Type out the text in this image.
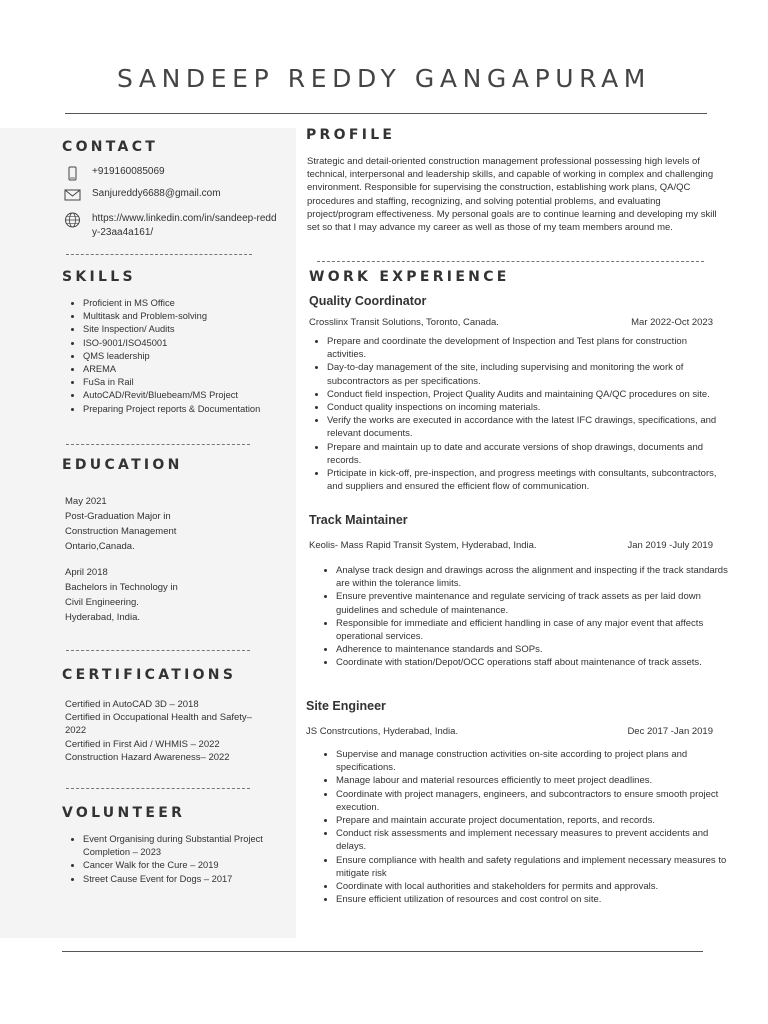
SANDEEP REDDY GANGAPURAM
CONTACT
+919160085069
Sanjureddy6688@gmail.com
https://www.linkedin.com/in/sandeep-reddy-23aa4a161/
SKILLS
• Proficient in MS Office
• Multitask and Problem-solving
• Site Inspection/ Audits
• ISO-9001/ISO45001
• QMS leadership
• AREMA
• FuSa in Rail
• AutoCAD/Revit/Bluebeam/MS Project
• Preparing Project reports & Documentation
EDUCATION
May 2021
Post-Graduation Major in
Construction Management
Ontario,Canada.
April 2018
Bachelors in Technology in
Civil Engineering.
Hyderabad, India.
CERTIFICATIONS
Certified in AutoCAD 3D – 2018
Certified in Occupational Health and Safety– 2022
Certified in First Aid / WHMIS – 2022
Construction Hazard Awareness– 2022
VOLUNTEER
• Event Organising during Substantial Project Completion – 2023
• Cancer Walk for the Cure – 2019
• Street Cause Event for Dogs – 2017
PROFILE

Strategic and detail-oriented construction management professional possessing high levels of technical, interpersonal and leadership skills, and capable of working in complex and challenging environment. Responsible for supervising the construction, establishing work plans, QA/QC procedures and staffing, recognizing, and solving potential problems, and evaluating project/program effectiveness. My personal goals are to continue learning and developing my skill set so that I may advance my career as well as those of my team members around me.

WORK EXPERIENCE
Quality Coordinator
Crosslinx Transit Solutions, Toronto, Canada.	Mar 2022-Oct 2023
• Prepare and coordinate the development of Inspection and Test plans for construction activities.
• Day-to-day management of the site, including supervising and monitoring the work of subcontractors as per specifications.
• Conduct field inspection, Project Quality Audits and maintaining QA/QC procedures on site.
• Conduct quality inspections on incoming materials.
• Verify the works are executed in accordance with the latest IFC drawings, specifications, and relevant documents.
• Prepare and maintain up to date and accurate versions of shop drawings, documents and records.
• Prticipate in kick-off, pre-inspection, and progress meetings with consultants, subcontractors, and suppliers and ensured the efficient flow of communication.
Track Maintainer
Keolis- Mass Rapid Transit System, Hyderabad, India.	Jan 2019 -July 2019
• Analyse track design and drawings across the alignment and inspecting if the track standards are within the tolerance limits.
• Ensure preventive maintenance and regulate servicing of track assets as per laid down guidelines and schedule of maintenance.
• Responsible for immediate and efficient handling in case of any major event that affects operational services.
• Adherence to maintenance standards and SOPs.
• Coordinate with station/Depot/OCC operations staff about maintenance of track assets.
Site Engineer
JS Constrcutions, Hyderabad, India.	Dec 2017 -Jan 2019
• Supervise and manage construction activities on-site according to project plans and specifications.
• Manage labour and material resources efficiently to meet project deadlines.
• Coordinate with project managers, engineers, and subcontractors to ensure smooth project execution.
• Prepare and maintain accurate project documentation, reports, and records.
• Conduct risk assessments and implement necessary measures to prevent accidents and delays.
• Ensure compliance with health and safety regulations and implement necessary measures to mitigate risk
• Coordinate with local authorities and stakeholders for permits and approvals.
• Ensure efficient utilization of resources and cost control on site.
